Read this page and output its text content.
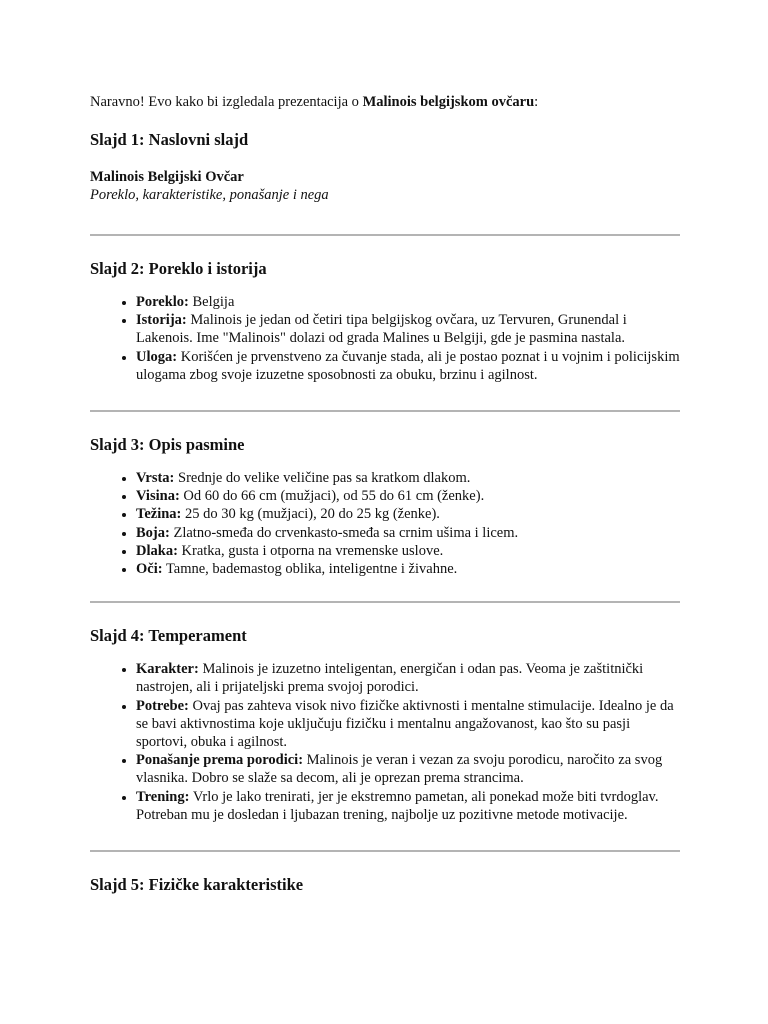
Naravno! Evo kako bi izgledala prezentacija o Malinois belgijskom ovčaru:

Slajd 1: Naslovni slajd

Malinois Belgijski Ovčar

Poreklo, karakteristike, ponašanje i nega

Slajd 2: Poreklo i istorija
• Poreklo: Belgija
• Istorija: Malinois je jedan od četiri tipa belgijskog ovčara, uz Tervuren, Grunendal i Lakenois. Ime "Malinois" dolazi od grada Malines u Belgiji, gde je pasmina nastala.
• Uloga: Korišćen je prvenstveno za čuvanje stada, ali je postao poznat i u vojnim i policijskim ulogama zbog svoje izuzetne sposobnosti za obuku, brzinu i agilnost.
Slajd 3: Opis pasmine
• Vrsta: Srednje do velike veličine pas sa kratkom dlakom.
• Visina: Od 60 do 66 cm (mužjaci), od 55 do 61 cm (ženke).
• Težina: 25 do 30 kg (mužjaci), 20 do 25 kg (ženke).
• Boja: Zlatno-smeđa do crvenkasto-smeđa sa crnim ušima i licem.
• Dlaka: Kratka, gusta i otporna na vremenske uslove.
• Oči: Tamne, bademastog oblika, inteligentne i živahne.
Slajd 4: Temperament
• Karakter: Malinois je izuzetno inteligentan, energičan i odan pas. Veoma je zaštitnički nastrojen, ali i prijateljski prema svojoj porodici.
• Potrebe: Ovaj pas zahteva visok nivo fizičke aktivnosti i mentalne stimulacije. Idealno je da se bavi aktivnostima koje uključuju fizičku i mentalnu angažovanost, kao što su pasji sportovi, obuka i agilnost.
• Ponašanje prema porodici: Malinois je veran i vezan za svoju porodicu, naročito za svog vlasnika. Dobro se slaže sa decom, ali je oprezan prema strancima.
• Trening: Vrlo je lako trenirati, jer je ekstremno pametan, ali ponekad može biti tvrdoglav. Potreban mu je dosledan i ljubazan trening, najbolje uz pozitivne metode motivacije.
Slajd 5: Fizičke karakteristike
